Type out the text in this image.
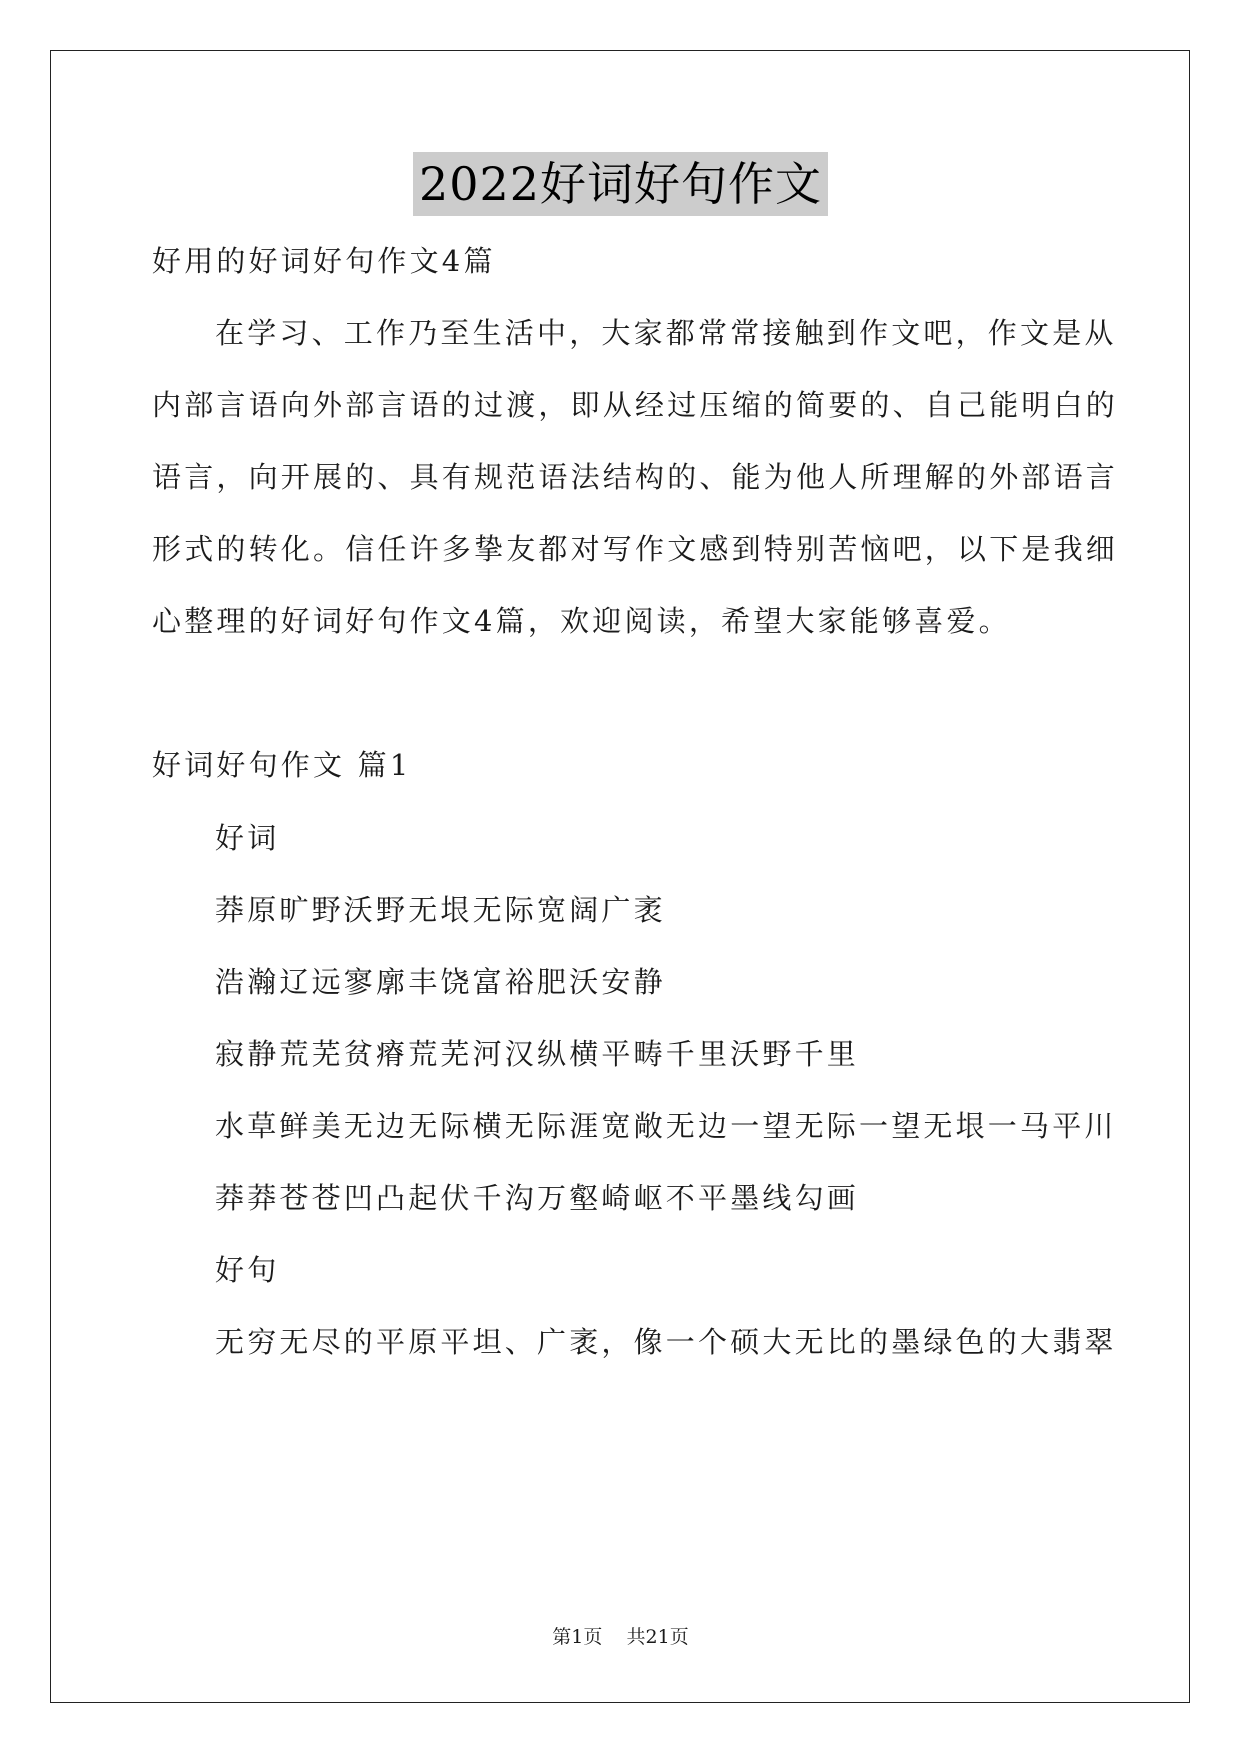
2022好词好句作文
好用的好词好句作文4篇
在学习、工作乃至生活中，大家都常常接触到作文吧，作文是从
内部言语向外部言语的过渡，即从经过压缩的简要的、自己能明白的
语言，向开展的、具有规范语法结构的、能为他人所理解的外部语言
形式的转化。信任许多挚友都对写作文感到特别苦恼吧，以下是我细
心整理的好词好句作文4篇，欢迎阅读，希望大家能够喜爱。
好词好句作文 篇1
好词
莽原旷野沃野无垠无际宽阔广袤
浩瀚辽远寥廓丰饶富裕肥沃安静
寂静荒芜贫瘠荒芜河汉纵横平畴千里沃野千里
水草鲜美无边无际横无际涯宽敞无边一望无际一望无垠一马平川
莽莽苍苍凹凸起伏千沟万壑崎岖不平墨线勾画
好句
无穷无尽的平原平坦、广袤，像一个硕大无比的墨绿色的大翡翠
第1页    共21页
